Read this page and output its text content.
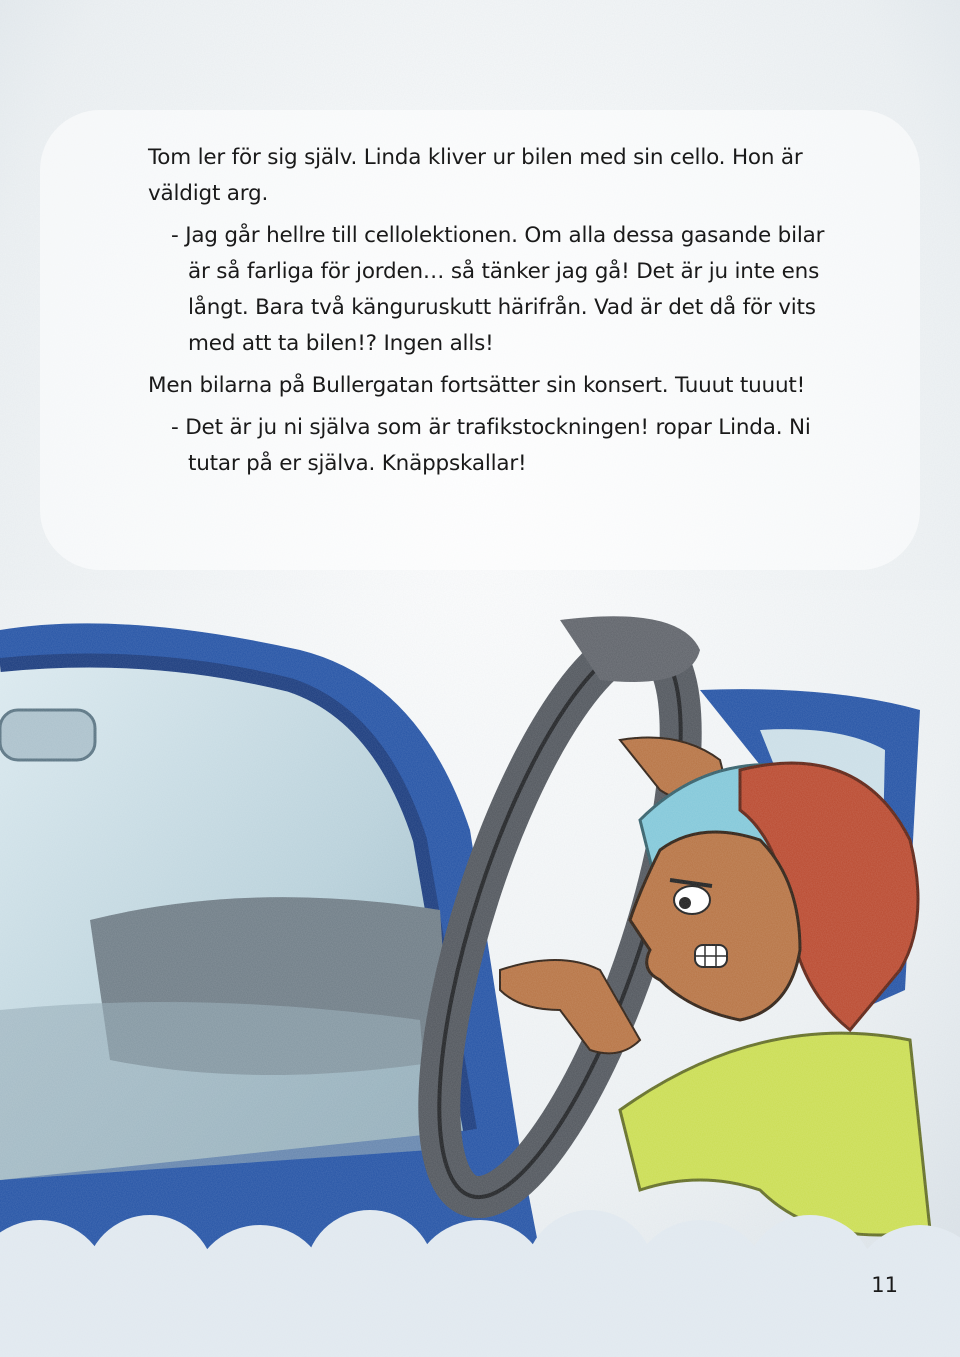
Tom ler för sig själv. Linda kliver ur bilen med sin cello. Hon är väldigt arg.

- Jag går hellre till cellolektionen. Om alla dessa gasande bilar är så farliga för jorden… så tänker jag gå! Det är ju inte ens långt. Bara två känguruskutt härifrån. Vad är det då för vits med att ta bilen!? Ingen alls!

Men bilarna på Bullergatan fortsätter sin konsert. Tuuut tuuut!

- Det är ju ni själva som är trafikstockningen! ropar Linda. Ni tutar på er själva. Knäppskallar!

11
